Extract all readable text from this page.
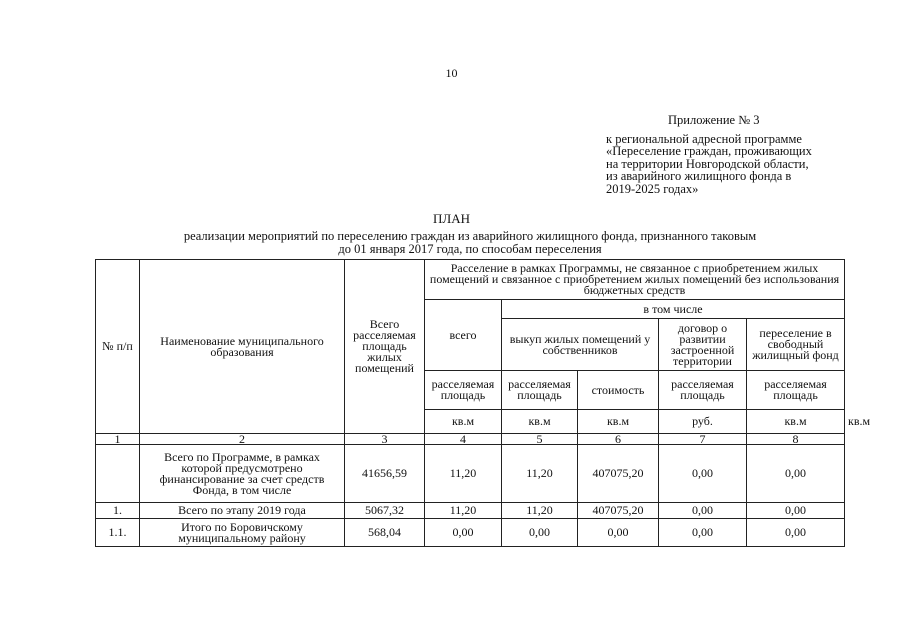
10
Приложение № 3
к региональной адресной программе
«Переселение граждан, проживающих
на территории Новгородской области,
из аварийного жилищного фонда в
2019-2025 годах»
ПЛАН
реализации мероприятий по переселению граждан из аварийного жилищного фонда, признанного таковым
до 01 января 2017 года, по способам переселения
№ п/п	Наименование муниципального образования	Всего расселяемая площадь жилых помещений	Расселение в рамках Программы, не связанное с приобретением жилых помещений и связанное с приобретением жилых помещений без использования бюджетных средств					
			всего	в том числе				
				выкуп жилых помещений у собственников		договор о развитии застроенной территории	переселение в свободный жилищный фонд	
			расселяемая площадь	расселяемая площадь	стоимость	расселяемая площадь	расселяемая площадь	
			кв.м	кв.м	кв.м	руб.	кв.м	кв.м
1	2	3	4	5	6	7	8	
	Всего по Программе, в рамках которой предусмотрено финансирование за счет средств Фонда, в том числе	41656,59	11,20	11,20	407075,20	0,00	0,00	
1.	Всего по этапу 2019 года	5067,32	11,20	11,20	407075,20	0,00	0,00	
1.1.	Итого по Боровичскому муниципальному району	568,04	0,00	0,00	0,00	0,00	0,00	
